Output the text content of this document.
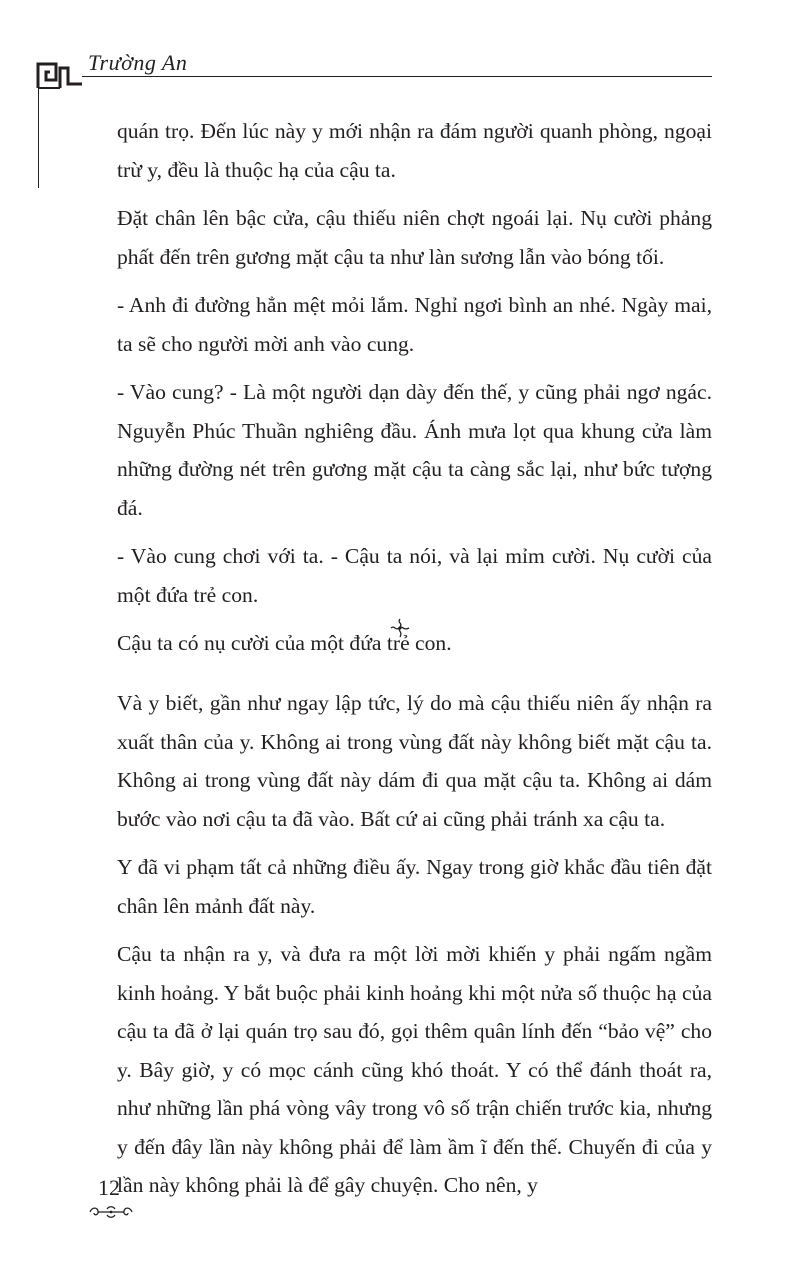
Trường An

quán trọ. Đến lúc này y mới nhận ra đám người quanh phòng, ngoại trừ y, đều là thuộc hạ của cậu ta.

Đặt chân lên bậc cửa, cậu thiếu niên chợt ngoái lại. Nụ cười phảng phất đến trên gương mặt cậu ta như làn sương lẫn vào bóng tối.

- Anh đi đường hẳn mệt mỏi lắm. Nghỉ ngơi bình an nhé. Ngày mai, ta sẽ cho người mời anh vào cung.

- Vào cung? - Là một người dạn dày đến thế, y cũng phải ngơ ngác. Nguyễn Phúc Thuần nghiêng đầu. Ánh mưa lọt qua khung cửa làm những đường nét trên gương mặt cậu ta càng sắc lại, như bức tượng đá.

- Vào cung chơi với ta. - Cậu ta nói, và lại mỉm cười. Nụ cười của một đứa trẻ con.

Cậu ta có nụ cười của một đứa trẻ con.

Và y biết, gần như ngay lập tức, lý do mà cậu thiếu niên ấy nhận ra xuất thân của y. Không ai trong vùng đất này không biết mặt cậu ta. Không ai trong vùng đất này dám đi qua mặt cậu ta. Không ai dám bước vào nơi cậu ta đã vào. Bất cứ ai cũng phải tránh xa cậu ta.

Y đã vi phạm tất cả những điều ấy. Ngay trong giờ khắc đầu tiên đặt chân lên mảnh đất này.

Cậu ta nhận ra y, và đưa ra một lời mời khiến y phải ngấm ngầm kinh hoảng. Y bắt buộc phải kinh hoảng khi một nửa số thuộc hạ của cậu ta đã ở lại quán trọ sau đó, gọi thêm quân lính đến “bảo vệ” cho y. Bây giờ, y có mọc cánh cũng khó thoát. Y có thể đánh thoát ra, như những lần phá vòng vây trong vô số trận chiến trước kia, nhưng y đến đây lần này không phải để làm ầm ĩ đến thế. Chuyến đi của y lần này không phải là để gây chuyện. Cho nên, y

12
